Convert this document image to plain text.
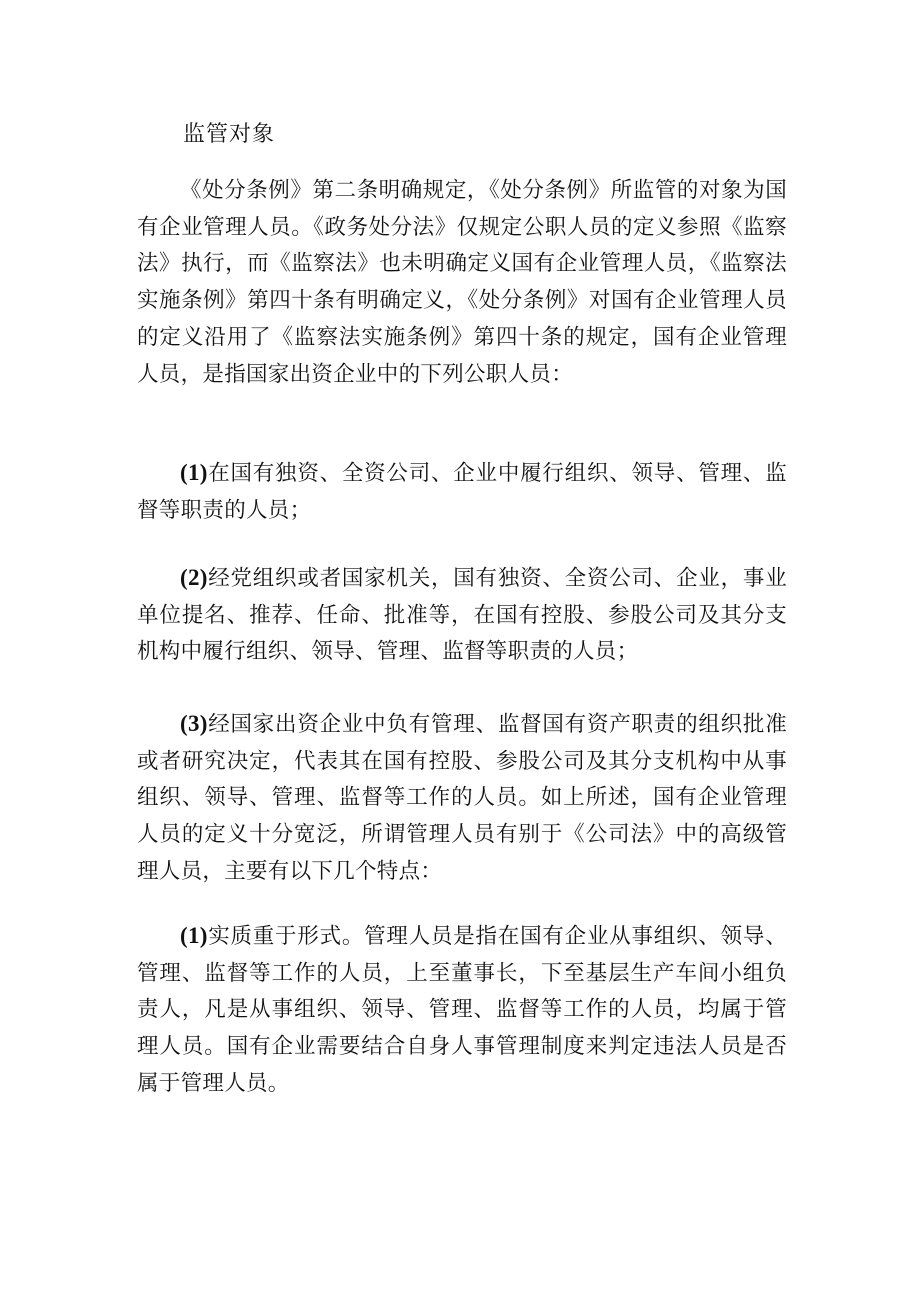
监管对象

《处分条例》第二条明确规定，《处分条例》所监管的对象为国有企业管理人员。《政务处分法》仅规定公职人员的定义参照《监察法》执行，而《监察法》也未明确定义国有企业管理人员，《监察法实施条例》第四十条有明确定义，《处分条例》对国有企业管理人员的定义沿用了《监察法实施条例》第四十条的规定，国有企业管理人员，是指国家出资企业中的下列公职人员：

(1)在国有独资、全资公司、企业中履行组织、领导、管理、监督等职责的人员；

(2)经党组织或者国家机关，国有独资、全资公司、企业，事业单位提名、推荐、任命、批准等，在国有控股、参股公司及其分支机构中履行组织、领导、管理、监督等职责的人员；

(3)经国家出资企业中负有管理、监督国有资产职责的组织批准或者研究决定，代表其在国有控股、参股公司及其分支机构中从事组织、领导、管理、监督等工作的人员。如上所述，国有企业管理人员的定义十分宽泛，所谓管理人员有别于《公司法》中的高级管理人员，主要有以下几个特点：

(1)实质重于形式。管理人员是指在国有企业从事组织、领导、管理、监督等工作的人员，上至董事长，下至基层生产车间小组负责人，凡是从事组织、领导、管理、监督等工作的人员，均属于管理人员。国有企业需要结合自身人事管理制度来判定违法人员是否属于管理人员。
